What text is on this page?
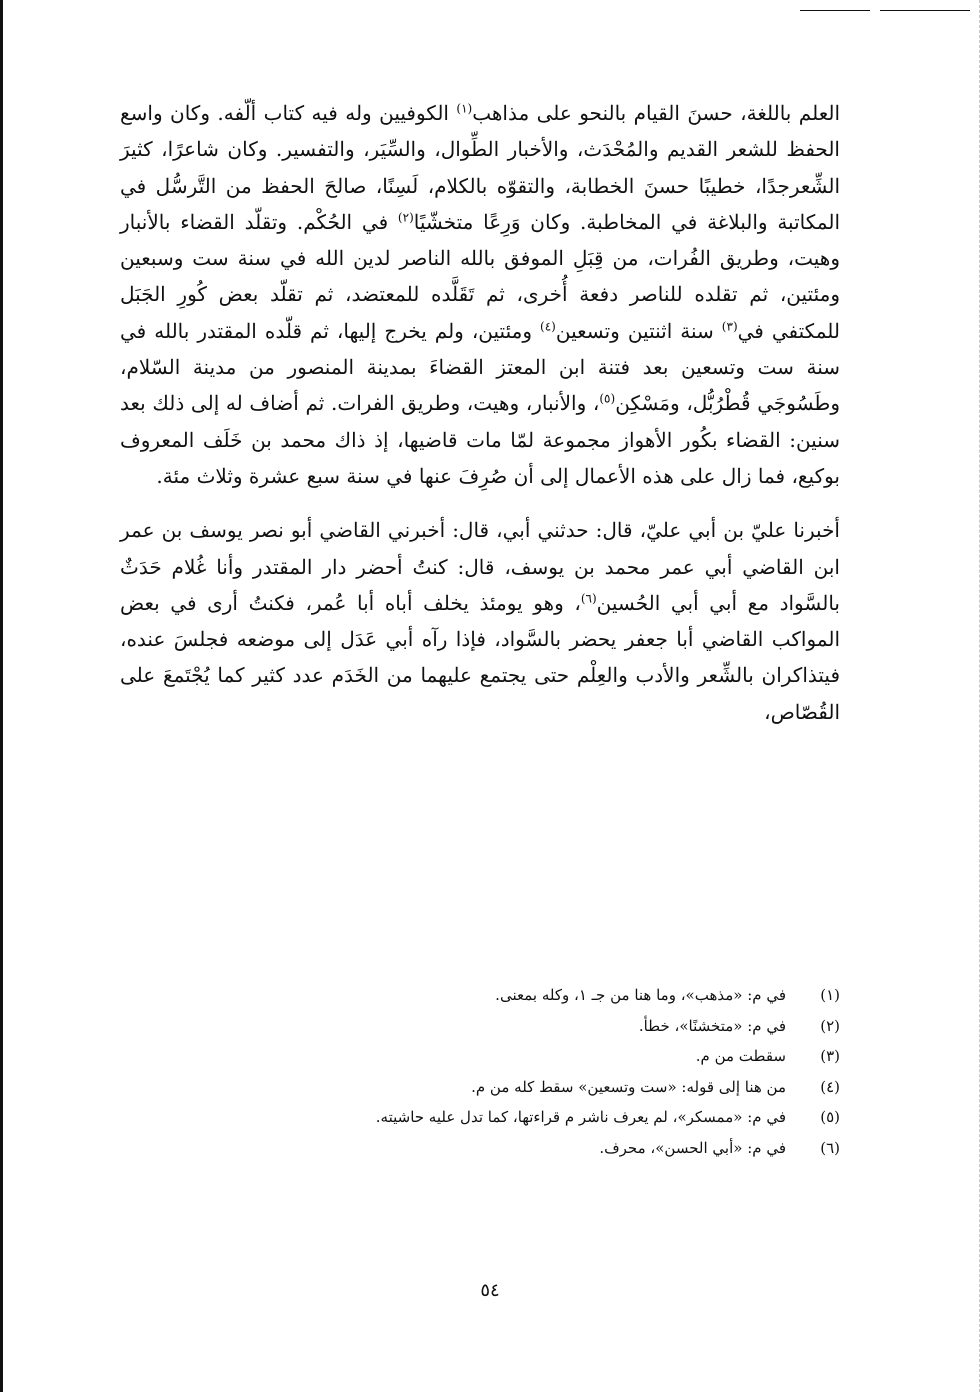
العلم باللغة، حسنَ القيام بالنحو على مذاهب$^{(١)}$ الكوفيين وله فيه كتاب ألّفه. وكان واسع الحفظ للشعر القديم والمُحْدَث، والأخبار الطِّوال، والسِّيَر، والتفسير. وكان شاعرًا، كثيرَ الشِّعرجدًا، خطيبًا حسنَ الخطابة، والتقوّه بالكلام، لَسِنًا، صالحَ الحفظ من التَّرسُّل في المكاتبة والبلاغة في المخاطبة. وكان وَرِعًا متخشّيًا$^{(٢)}$ في الحُكْم. وتقلّد القضاء بالأنبار وهيت، وطريق الفُرات، من قِبَلِ الموفق بالله الناصر لدين الله في سنة ست وسبعين ومئتين، ثم تقلده للناصر دفعة أُخرى، ثم تَقَلَّده للمعتضد، ثم تقلّد بعض كُورِ الجَبَل للمكتفي في$^{(٣)}$ سنة اثنتين وتسعين$^{(٤)}$ ومئتين، ولم يخرج إليها، ثم قلّده المقتدر بالله في سنة ست وتسعين بعد فتنة ابن المعتز القضاءَ بمدينة المنصور من مدينة السّلام، وطَسُوجَي قُطْرُبُّل، ومَسْكِن$^{(٥)}$، والأنبار، وهيت، وطريق الفرات. ثم أضاف له إلى ذلك بعد سنين: القضاء بكُور الأهواز مجموعة لمّا مات قاضيها، إذ ذاك محمد بن خَلَف المعروف بوكيع، فما زال على هذه الأعمال إلى أن صُرِفَ عنها في سنة سبع عشرة وثلاث مئة.

أخبرنا عليّ بن أبي عليّ، قال: حدثني أبي، قال: أخبرني القاضي أبو نصر يوسف بن عمر ابن القاضي أبي عمر محمد بن يوسف، قال: كنتُ أحضر دار المقتدر وأنا غُلام حَدَثٌ بالسَّواد مع أبي أبي الحُسين$^{(٦)}$، وهو يومئذ يخلف أباه أبا عُمر، فكنتُ أرى في بعض المواكب القاضي أبا جعفر يحضر بالسَّواد، فإذا رآه أبي عَدَل إلى موضعه فجلسَ عنده، فيتذاكران بالشِّعر والأدب والعِلْم حتى يجتمع عليهما من الخَدَم عدد كثير كما يُجْتَمعَ على القُصّاص،

(١)
في م: «مذهب»، وما هنا من جـ ١، وكله بمعنى.
(٢)
في م: «متخشنًا»، خطأ.
(٣)
سقطت من م.
(٤)
من هنا إلى قوله: «ست وتسعين» سقط كله من م.
(٥)
في م: «ممسكر»، لم يعرف ناشر م قراءتها، كما تدل عليه حاشيته.
(٦)
في م: «أبي الحسن»، محرف.
٥٤
